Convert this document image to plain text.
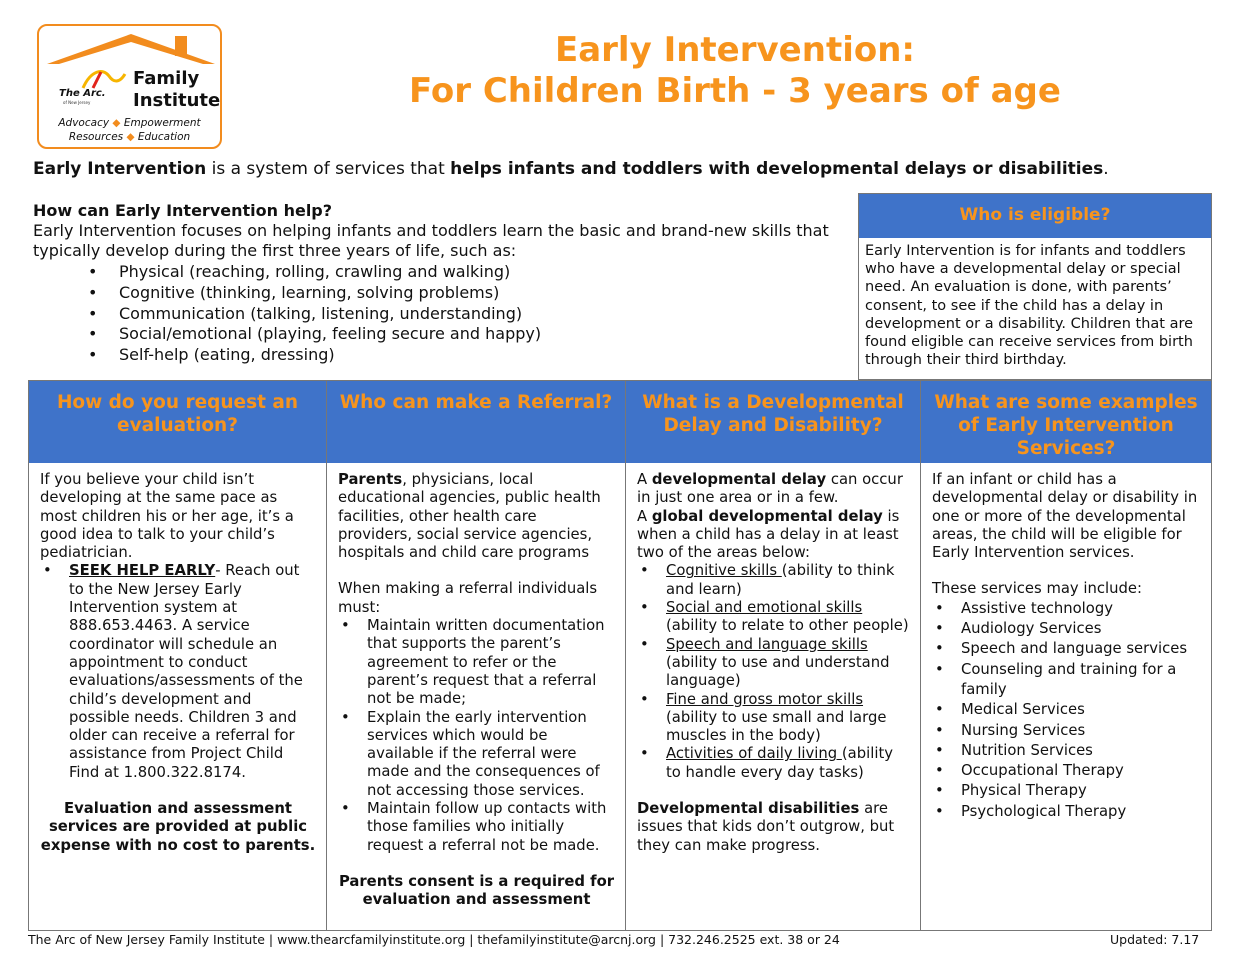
The Arc.
of New Jersey
Family
Institute
Advocacy ◆ Empowerment
Resources ◆ Education
Early Intervention:
For Children Birth - 3 years of age
Early Intervention is a system of services that helps infants and toddlers with developmental delays or disabilities.
How can Early Intervention help?
Early Intervention focuses on helping infants and toddlers learn the basic and brand-new skills that typically develop during the first three years of life, such as:
• Physical (reaching, rolling, crawling and walking)
• Cognitive (thinking, learning, solving problems)
• Communication (talking, listening, understanding)
• Social/emotional (playing, feeling secure and happy)
• Self-help (eating, dressing)
Who is eligible?
Early Intervention is for infants and toddlers who have a developmental delay or special need. An evaluation is done, with parents’ consent, to see if the child has a delay in development or a disability. Children that are found eligible can receive services from birth through their third birthday.
How do you request an evaluation?

If you believe your child isn’t developing at the same pace as most children his or her age, it’s a good idea to talk to your child’s pediatrician.

• SEEK HELP EARLY- Reach out to the New Jersey Early Intervention system at 888.653.4463. A service coordinator will schedule an appointment to conduct evaluations/assessments of the child’s development and possible needs. Children 3 and older can receive a referral for assistance from Project Child Find at 1.800.322.8174.

Evaluation and assessment services are provided at public expense with no cost to parents.

Who can make a Referral?

Parents, physicians, local educational agencies, public health facilities, other health care providers, social service agencies, hospitals and child care programs

When making a referral individuals must:

• Maintain written documentation that supports the parent’s agreement to refer or the parent’s request that a referral not be made;
• Explain the early intervention services which would be available if the referral were made and the consequences of not accessing those services.
• Maintain follow up contacts with those families who initially request a referral not be made.

Parents consent is a required for evaluation and assessment

What is a Developmental Delay and Disability?

A developmental delay can occur in just one area or in a few.

A global developmental delay is when a child has a delay in at least two of the areas below:

• Cognitive skills (ability to think and learn)
• Social and emotional skills (ability to relate to other people)
• Speech and language skills (ability to use and understand language)
• Fine and gross motor skills (ability to use small and large muscles in the body)
• Activities of daily living (ability to handle every day tasks)

Developmental disabilities are issues that kids don’t outgrow, but they can make progress.

What are some examples of Early Intervention Services?

If an infant or child has a developmental delay or disability in one or more of the developmental areas, the child will be eligible for Early Intervention services.

These services may include:

• Assistive technology
• Audiology Services
• Speech and language services
• Counseling and training for a family
• Medical Services
• Nursing Services
• Nutrition Services
• Occupational Therapy
• Physical Therapy
• Psychological Therapy
The Arc of New Jersey Family Institute | www.thearcfamilyinstitute.org | thefamilyinstitute@arcnj.org | 732.246.2525 ext. 38 or 24	Updated: 7.17
